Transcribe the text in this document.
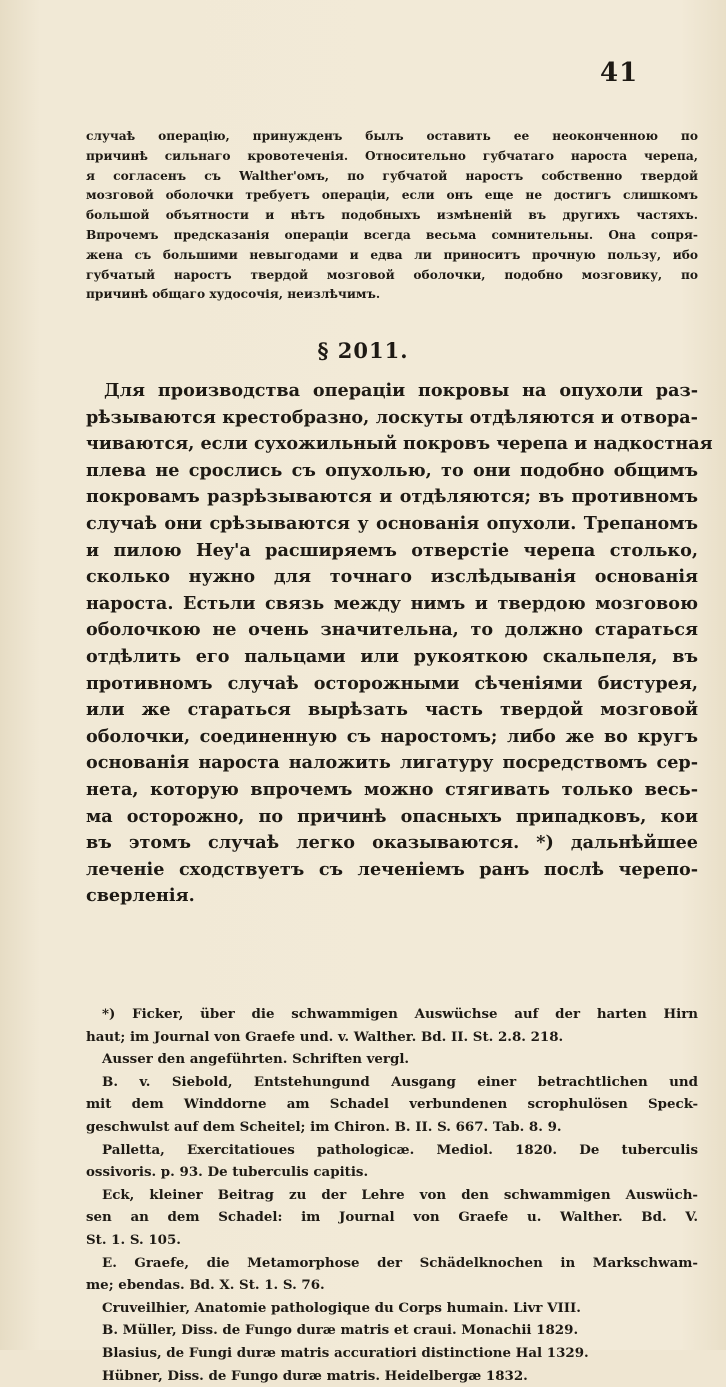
41
случаѣ операцію, принужденъ былъ оставить ее неоконченною по
причинѣ сильнаго кровотеченія. Относительно губчатаго нароста черепа,
я согласенъ съ Walther'омъ, по губчатой наростъ собственно твердой
мозговой оболочки требуетъ операціи, если онъ еще не достигъ слишкомъ
большой объятности и нѣтъ подобныхъ измѣненій въ другихъ частяхъ.
Впрочемъ предсказанія операціи всегда весьма сомнительны. Она сопря-
жена съ большими невыгодами и едва ли приноситъ прочную пользу, ибо
губчатый наростъ твердой мозговой оболочки, подобно мозговику, по
причинѣ общаго худосочія, неизлѣчимъ.
§ 2011.
Для производства операціи покровы на опухоли раз-
рѣзываются крестобразно, лоскуты отдѣляются и отвора-
чиваются, если сухожильный покровъ черепа и надкостная
плева не срослись съ опухолью, то они подобно общимъ
покровамъ разрѣзываются и отдѣляются; въ противномъ
случаѣ они срѣзываются у основанія опухоли. Трепаномъ
и пилою Hey'a расширяемъ отверстіе черепа столько,
сколько нужно для точнаго изслѣдыванія основанія
нароста. Естьли связь между нимъ и твердою мозговою
оболочкою не очень значительна, то должно стараться
отдѣлить его пальцами или рукояткою скальпеля, въ
противномъ случаѣ осторожными сѣченіями бистурея,
или же стараться вырѣзать часть твердой мозговой
оболочки, соединенную съ наростомъ; либо же во кругъ
основанія нароста наложить лигатуру посредствомъ сер-
нета, которую впрочемъ можно стягивать только весь-
ма осторожно, по причинѣ опасныхъ припадковъ, кои
въ этомъ случаѣ легко оказываются. *) дальнѣйшее
леченіе сходствуетъ съ леченіемъ ранъ послѣ черепо-
сверленія.
*) Ficker, über die schwammigen Auswüchse auf der harten Hirn
haut; im Journal von Graefe und. v. Walther. Bd. II. St. 2.8. 218.
Ausser den angeführten. Schriften vergl.
B. v. Siebold, Entstehungund Ausgang einer betrachtlichen und
mit dem Winddorne am Schadel verbundenen scrophulösen Speck-
geschwulst auf dem Scheitel; im Chiron. B. II. S. 667. Tab. 8. 9.
Palletta, Exercitatioues pathologicæ. Mediol. 1820. De tuberculis
ossivoris. p. 93. De tuberculis capitis.
Eck, kleiner Beitrag zu der Lehre von den schwammigen Auswüch-
sen an dem Schadel: im Journal von Graefe u. Walther. Bd. V.
St. 1. S. 105.
E. Graefe, die Metamorphose der Schädelknochen in Markschwam-
me; ebendas. Bd. X. St. 1. S. 76.
Cruveilhier, Anatomie pathologique du Corps humain. Livr VIII.
B. Müller, Diss. de Fungo duræ matris et craui. Monachii 1829.
Blasius, de Fungi duræ matris accuratiori distinctione Hal 1329.
Hübner, Diss. de Fungo duræ matris. Heidelbergæ 1832.
